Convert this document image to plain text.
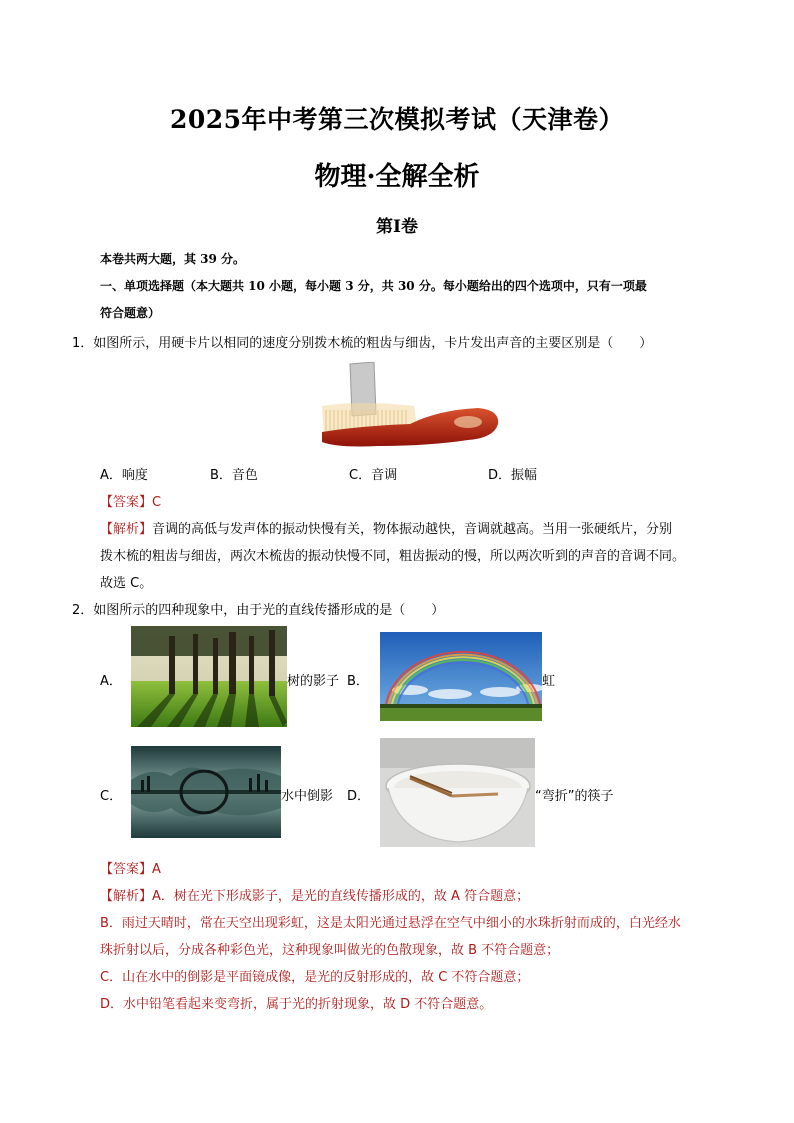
2025年中考第三次模拟考试（天津卷）
物理·全解全析
第Ⅰ卷
本卷共两大题，其 39 分。
一、单项选择题（本大题共 10 小题，每小题 3 分，共 30 分。每小题给出的四个选项中，只有一项最
符合题意）
1．如图所示，用硬卡片以相同的速度分别拨木梳的粗齿与细齿，卡片发出声音的主要区别是（　　）
A．响度	B．音色	C．音调	D．振幅
【答案】C
【解析】音调的高低与发声体的振动快慢有关，物体振动越快，音调就越高。当用一张硬纸片，分别
拨木梳的粗齿与细齿，两次木梳齿的振动快慢不同，粗齿振动的慢，所以两次听到的声音的音调不同。
故选 C。
2．如图所示的四种现象中，由于光的直线传播形成的是（　　）
A．	树的影子 B．	虹
C．	水中倒影 D．	“弯折”的筷子
【答案】A
【解析】A．树在光下形成影子，是光的直线传播形成的，故 A 符合题意；
B．雨过天晴时，常在天空出现彩虹，这是太阳光通过悬浮在空气中细小的水珠折射而成的，白光经水
珠折射以后，分成各种彩色光，这种现象叫做光的色散现象，故 B 不符合题意；
C．山在水中的倒影是平面镜成像，是光的反射形成的，故 C 不符合题意；
D．水中铅笔看起来变弯折，属于光的折射现象，故 D 不符合题意。
